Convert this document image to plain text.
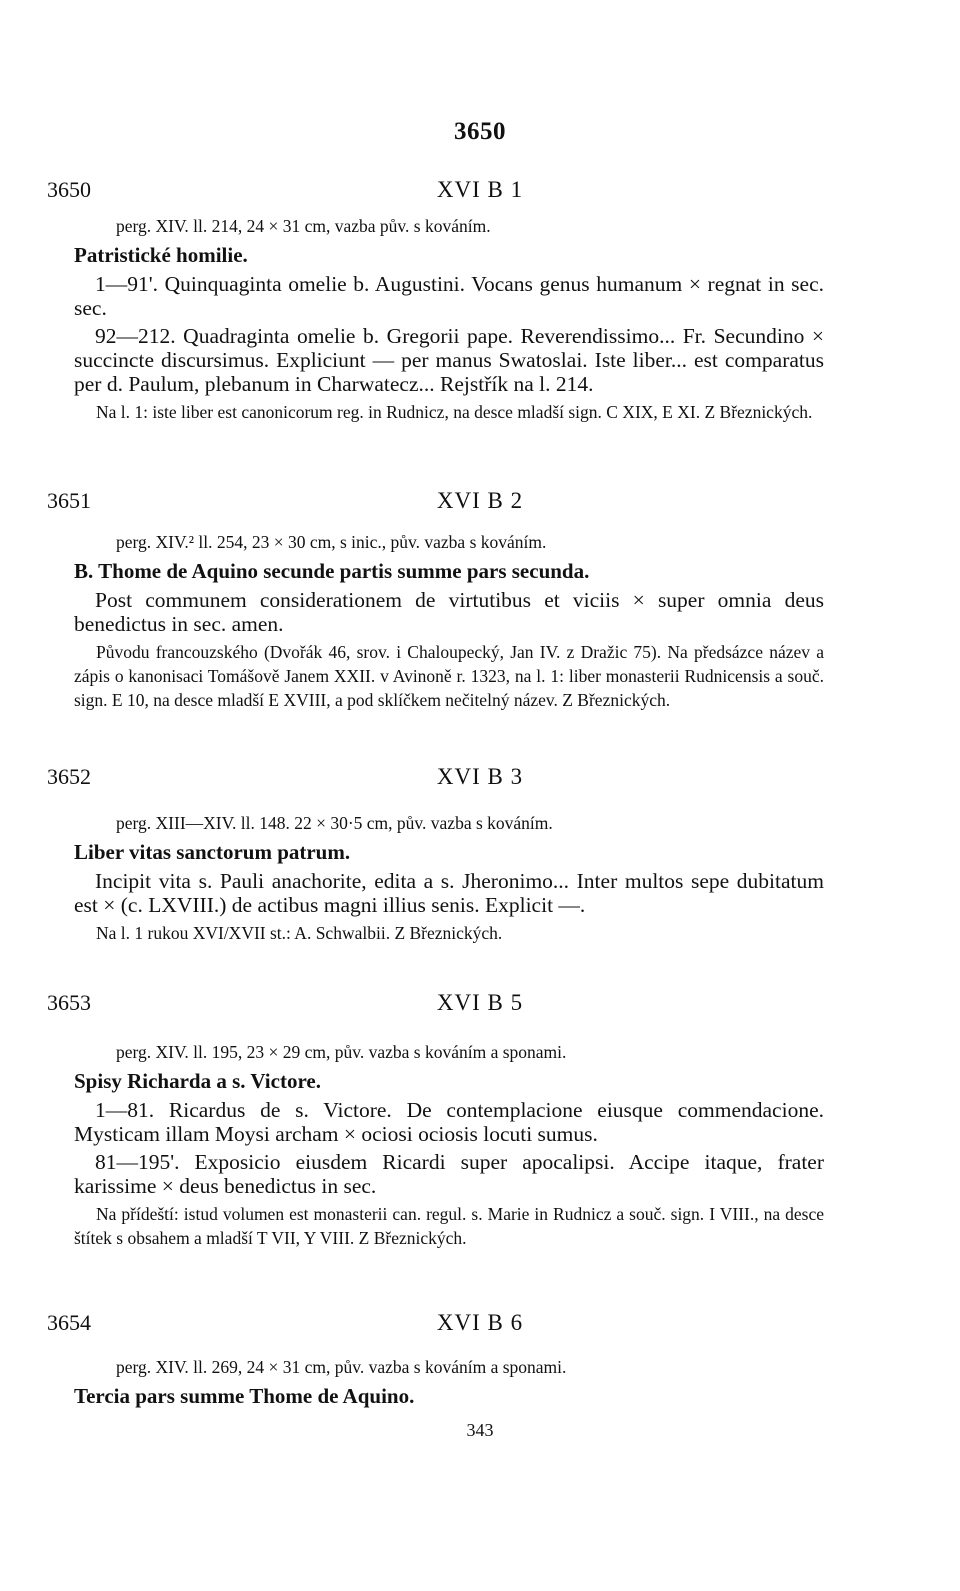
3650
3650	XVI B 1

perg. XIV. ll. 214, 24 × 31 cm, vazba pův. s kováním.

Patristické homilie.

1—91'. Quinquaginta omelie b. Augustini. Vocans genus humanum × regnat in sec. sec.

92—212. Quadraginta omelie b. Gregorii pape. Reverendissimo... Fr. Secundino × succincte discursimus. Expliciunt — per manus Swatoslai. Iste liber... est comparatus per d. Paulum, plebanum in Charwatecz... Rejstřík na l. 214.

Na l. 1: iste liber est canonicorum reg. in Rudnicz, na desce mladší sign. C XIX, E XI. Z Březnických.

3651	XVI B 2

perg. XIV.² ll. 254, 23 × 30 cm, s inic., pův. vazba s kováním.

B. Thome de Aquino secunde partis summe pars secunda.

Post communem considerationem de virtutibus et viciis × super omnia deus benedictus in sec. amen.

Původu francouzského (Dvořák 46, srov. i Chaloupecký, Jan IV. z Dražic 75). Na předsázce název a zápis o kanonisaci Tomášově Janem XXII. v Avinoně r. 1323, na l. 1: liber monasterii Rudnicensis a souč. sign. E 10, na desce mladší E XVIII, a pod sklíčkem nečitelný název. Z Březnických.

3652	XVI B 3

perg. XIII—XIV. ll. 148. 22 × 30·5 cm, pův. vazba s kováním.

Liber vitas sanctorum patrum.

Incipit vita s. Pauli anachorite, edita a s. Jheronimo... Inter multos sepe dubitatum est × (c. LXVIII.) de actibus magni illius senis. Explicit —.

Na l. 1 rukou XVI/XVII st.: A. Schwalbii. Z Březnických.

3653	XVI B 5

perg. XIV. ll. 195, 23 × 29 cm, pův. vazba s kováním a sponami.

Spisy Richarda a s. Victore.

1—81. Ricardus de s. Victore. De contemplacione eiusque commendacione. Mysticam illam Moysi archam × ociosi ociosis locuti sumus.

81—195'. Exposicio eiusdem Ricardi super apocalipsi. Accipe itaque, frater karissime × deus benedictus in sec.

Na přídeští: istud volumen est monasterii can. regul. s. Marie in Rudnicz a souč. sign. I VIII., na desce štítek s obsahem a mladší T VII, Y VIII. Z Březnických.

3654	XVI B 6

perg. XIV. ll. 269, 24 × 31 cm, pův. vazba s kováním a sponami.

Tercia pars summe Thome de Aquino.

343
